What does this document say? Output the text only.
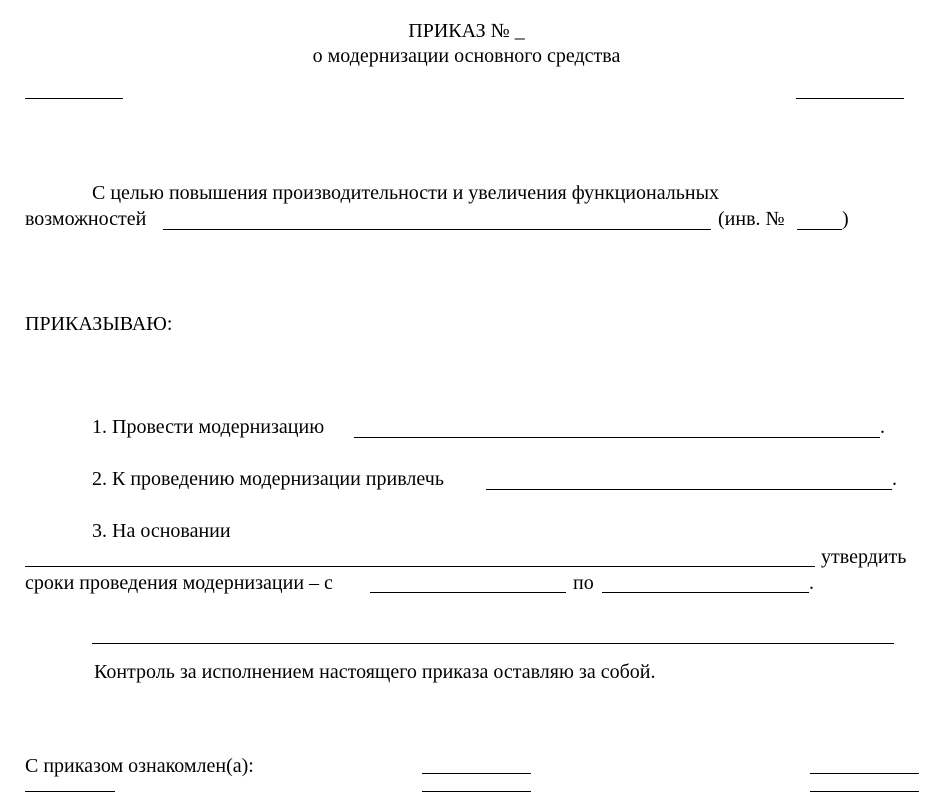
ПРИКАЗ № _
о модернизации основного средства
С целью повышения производительности и увеличения функциональных
возможностей	(инв. №	)
ПРИКАЗЫВАЮ:
1. Провести модернизацию	.
2. К проведению модернизации привлечь	.
3. На основании
утвердить
сроки проведения модернизации – с	по	.
Контроль за исполнением настоящего приказа оставляю за собой.
С приказом ознакомлен(а):
